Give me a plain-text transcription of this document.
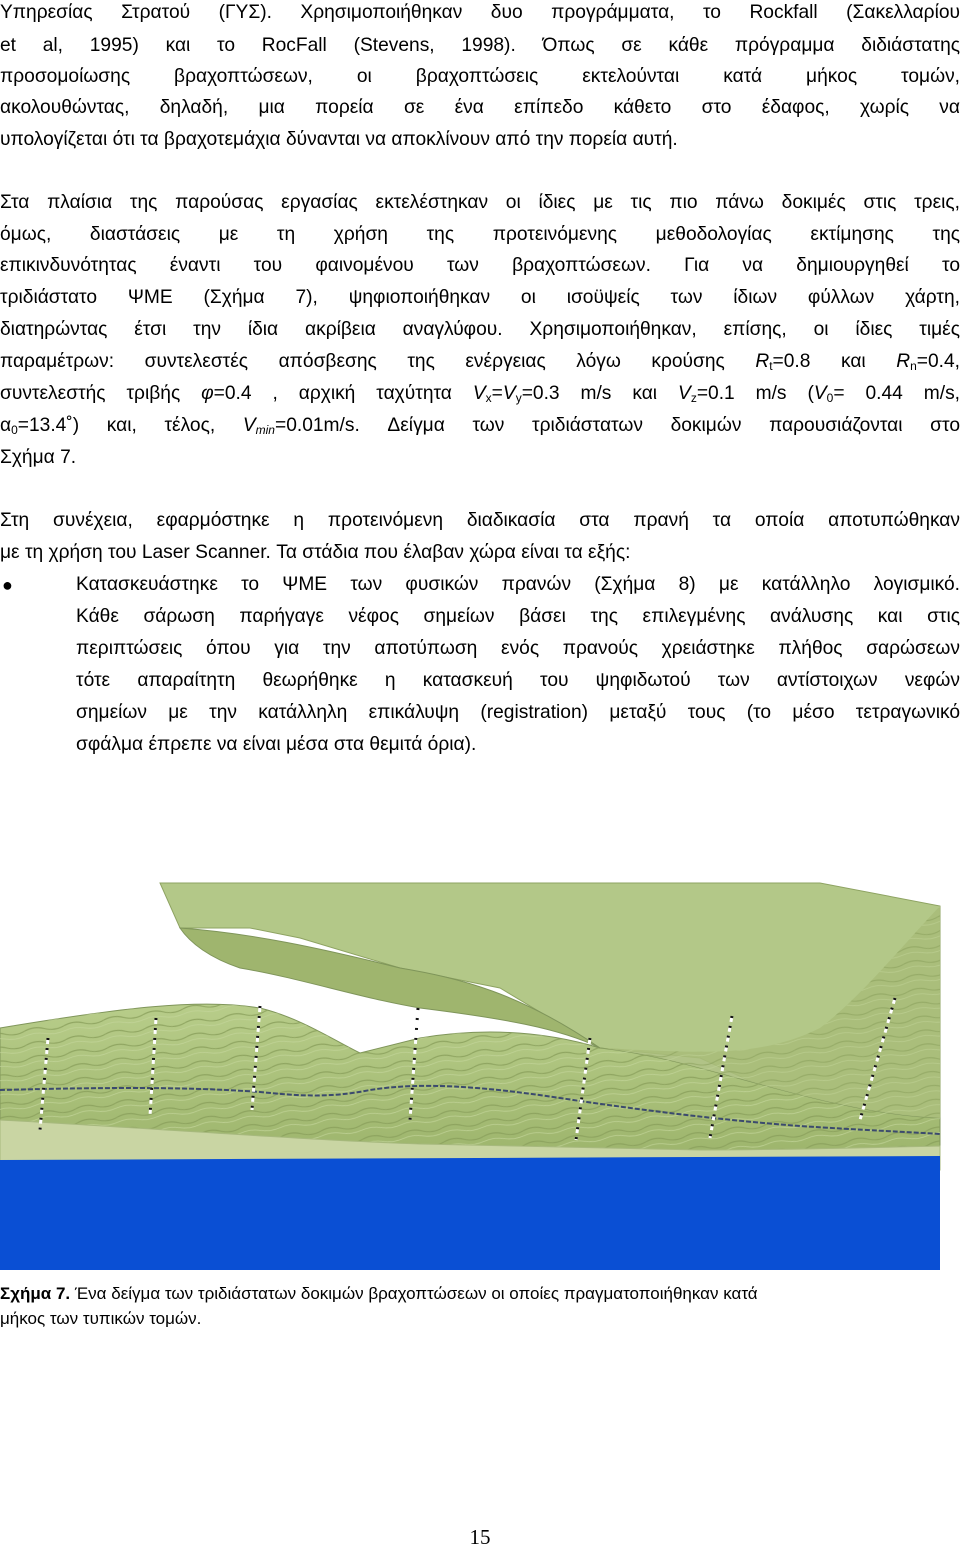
Υπηρεσίας Στρατού (ΓΥΣ). Χρησιμοποιήθηκαν δυο προγράμματα, το Rockfall (Σακελλαρίου
et al, 1995) και το RocFall (Stevens, 1998). Όπως σε κάθε πρόγραμμα διδιάστατης
προσομοίωσης βραχοπτώσεων, οι βραχοπτώσεις εκτελούνται κατά μήκος τομών,
ακολουθώντας, δηλαδή, μια πορεία σε ένα επίπεδο κάθετο στο έδαφος, χωρίς να
υπολογίζεται ότι τα βραχοτεμάχια δύνανται να αποκλίνουν από την πορεία αυτή.
Στα πλαίσια της παρούσας εργασίας εκτελέστηκαν οι ίδιες με τις πιο πάνω δοκιμές στις τρεις,
όμως, διαστάσεις με τη χρήση της προτεινόμενης μεθοδολογίας εκτίμησης της
επικινδυνότητας έναντι του φαινομένου των βραχοπτώσεων. Για να δημιουργηθεί το
τριδιάστατο ΨΜΕ (Σχήμα 7), ψηφιοποιήθηκαν οι ισοϋψείς των ίδιων φύλλων χάρτη,
διατηρώντας έτσι την ίδια ακρίβεια αναγλύφου. Χρησιμοποιήθηκαν, επίσης, οι ίδιες τιμές
παραμέτρων: συντελεστές απόσβεσης της ενέργειας λόγω κρούσης $R_t=0.8$ και $R_n=0.4$,
συντελεστής τριβής φ=0.4 , αρχική ταχύτητα $V_x=V_y=0.3$ m/s και $V_z=0.1$ m/s ($V_0= 0.44$ m/s,
$\alpha_0=13.4˚$) και, τέλος, $V_{min}=0.01m/s$. Δείγμα των τριδιάστατων δοκιμών παρουσιάζονται στο
Σχήμα 7.
Στη συνέχεια, εφαρμόστηκε η προτεινόμενη διαδικασία στα πρανή τα οποία αποτυπώθηκαν
με τη χρήση του Laser Scanner. Τα στάδια που έλαβαν χώρα είναι τα εξής:
●	Κατασκευάστηκε το ΨΜΕ των φυσικών πρανών (Σχήμα 8) με κατάλληλο λογισμικό.
Κάθε σάρωση παρήγαγε νέφος σημείων βάσει της επιλεγμένης ανάλυσης και στις
περιπτώσεις όπου για την αποτύπωση ενός πρανούς χρειάστηκε πλήθος σαρώσεων
τότε απαραίτητη θεωρήθηκε η κατασκευή του ψηφιδωτού των αντίστοιχων νεφών
σημείων με την κατάλληλη επικάλυψη (registration) μεταξύ τους (το μέσο τετραγωνικό
σφάλμα έπρεπε να είναι μέσα στα θεμιτά όρια).
Σχήμα 7. Ένα δείγμα των τριδιάστατων δοκιμών βραχοπτώσεων οι οποίες πραγματοποιήθηκαν κατά
μήκος των τυπικών τομών.
15
